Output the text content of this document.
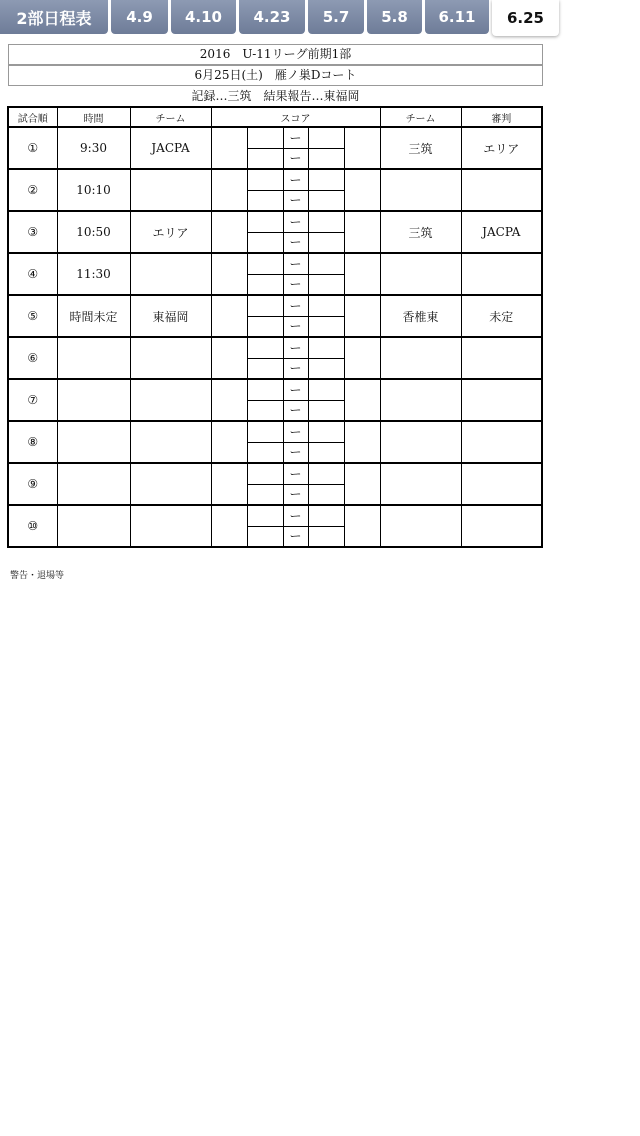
2部日程表	4.9	4.10	4.23	5.7	5.8	6.11	6.25
2016　U-11リーグ前期1部
6月25日(土)　雁ノ巣Dコート
記録…三筑　結果報告…東福岡
試合順	時間	チーム	スコア					チーム	審判
①	9:30	JACPA			ー			三筑	エリア
					ー				
②	10:10				ー				
					ー				
③	10:50	エリア			ー			三筑	JACPA
					ー				
④	11:30				ー				
					ー				
⑤	時間未定	東福岡			ー			香椎東	未定
					ー				
⑥					ー				
					ー				
⑦					ー				
					ー				
⑧					ー				
					ー				
⑨					ー				
					ー				
⑩					ー				
					ー				
警告・退場等
